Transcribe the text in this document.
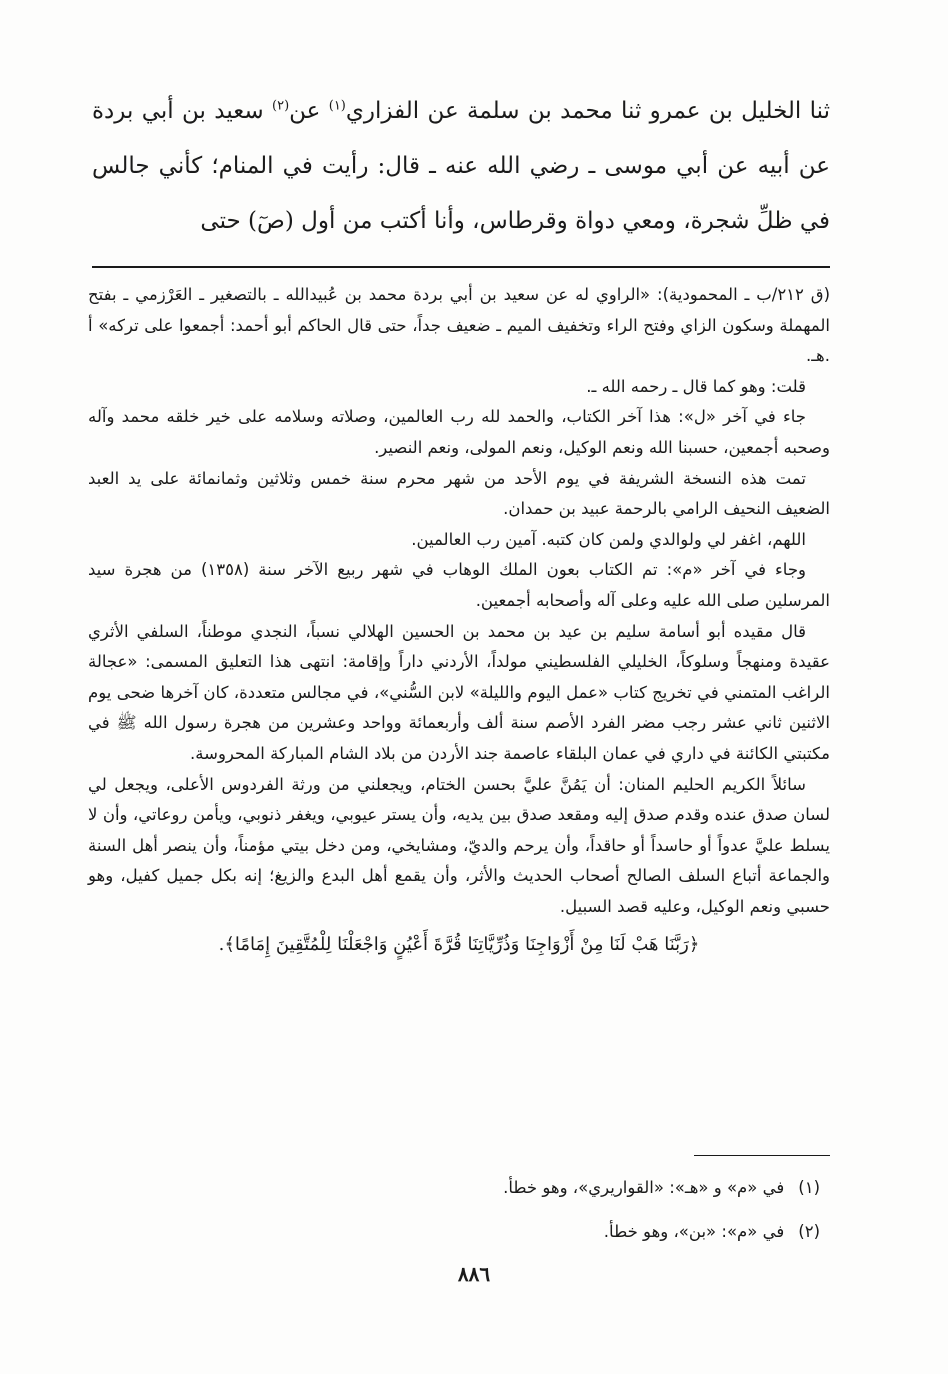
ثنا الخليل بن عمرو ثنا محمد بن سلمة عن الفزاري$^{(١)}$ عن$^{(٢)}$ سعيد بن أبي بردة عن أبيه عن أبي موسى ـ رضي الله عنه ـ قال: رأيت في المنام؛ كأني جالس في ظلِّ شجرة، ومعي دواة وقرطاس، وأنا أكتب من أول (صٓ) حتى

(ق ٢١٢/ب ـ المحمودية): «الراوي له عن سعيد بن أبي بردة محمد بن عُبيدالله ـ بالتصغير ـ العَرْزمي ـ بفتح المهملة وسكون الزاي وفتح الراء وتخفيف الميم ـ ضعيف جداً، حتى قال الحاكم أبو أحمد: أجمعوا على تركه» أ .هـ.

قلت: وهو كما قال ـ رحمه الله ـ.

جاء في آخر «ل»: هذا آخر الكتاب، والحمد لله رب العالمين، وصلاته وسلامه على خير خلقه محمد وآله وصحبه أجمعين، حسبنا الله ونعم الوكيل، ونعم المولى، ونعم النصير.

تمت هذه النسخة الشريفة في يوم الأحد من شهر محرم سنة خمس وثلاثين وثمانمائة على يد العبد الضعيف النحيف الرامي بالرحمة عبيد بن حمدان.

اللهم، اغفر لي ولوالدي ولمن كان كتبه. آمين رب العالمين.

وجاء في آخر «م»: تم الكتاب بعون الملك الوهاب في شهر ربيع الآخر سنة (١٣٥٨) من هجرة سيد المرسلين صلى الله عليه وعلى آله وأصحابه أجمعين.

قال مقيده أبو أسامة سليم بن عيد بن محمد بن الحسين الهلالي نسباً، النجدي موطناً، السلفي الأثري عقيدة ومنهجاً وسلوكاً، الخليلي الفلسطيني مولداً، الأردني داراً وإقامة: انتهى هذا التعليق المسمى: «عجالة الراغب المتمني في تخريج كتاب «عمل اليوم والليلة» لابن السُّني»، في مجالس متعددة، كان آخرها ضحى يوم الاثنين ثاني عشر رجب مضر الفرد الأصم سنة ألف وأربعمائة وواحد وعشرين من هجرة رسول الله ﷺ في مكتبتي الكائنة في داري في عمان البلقاء عاصمة جند الأردن من بلاد الشام المباركة المحروسة.

سائلاً الكريم الحليم المنان: أن يَمُنَّ عليَّ بحسن الختام، ويجعلني من ورثة الفردوس الأعلى، ويجعل لي لسان صدق عنده وقدم صدق إليه ومقعد صدق بين يديه، وأن يستر عيوبي، ويغفر ذنوبي، ويأمن روعاتي، وأن لا يسلط عليَّ عدواً أو حاسداً أو حاقداً، وأن يرحم والديّ، ومشايخي، ومن دخل بيتي مؤمناً، وأن ينصر أهل السنة والجماعة أتباع السلف الصالح أصحاب الحديث والأثر، وأن يقمع أهل البدع والزيغ؛ إنه بكل جميل كفيل، وهو حسبي ونعم الوكيل، وعليه قصد السبيل.

﴿رَبَّنَا هَبْ لَنَا مِنْ أَزْوَاجِنَا وَذُرِّيَّاتِنَا قُرَّةَ أَعْيُنٍ وَاجْعَلْنَا لِلْمُتَّقِينَ إِمَامًا﴾.

(١)في «م» و «هـ»: «القواريري»، وهو خطأ.

(٢)في «م»: «بن»، وهو خطأ.

٨٨٦
